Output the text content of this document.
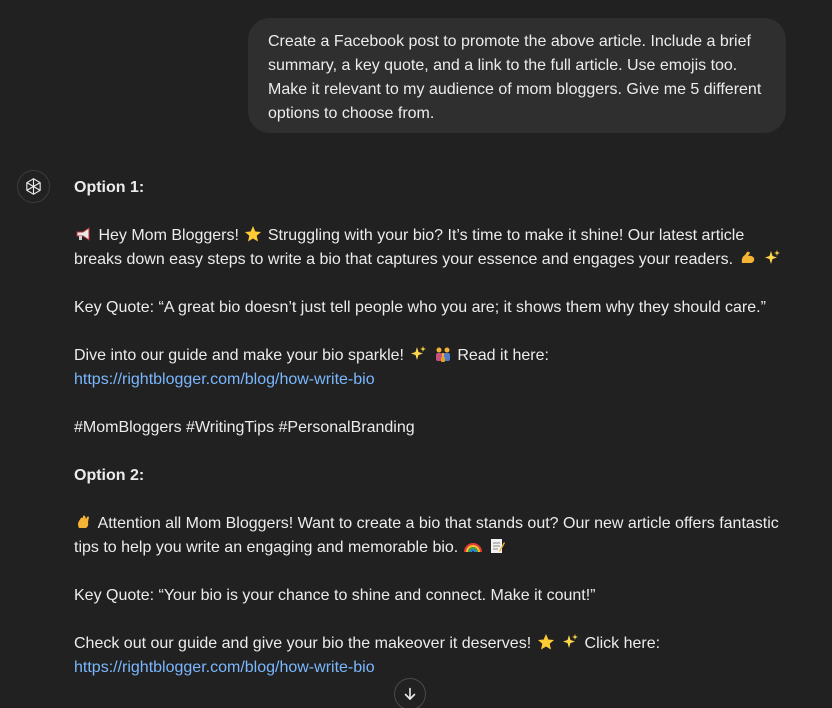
Create a Facebook post to promote the above article. Include a brief
summary, a key quote, and a link to the full article. Use emojis too.
Make it relevant to my audience of mom bloggers. Give me 5 different
options to choose from.
Option 1:
Hey Mom Bloggers! Struggling with your bio? It’s time to make it shine! Our latest article
breaks down easy steps to write a bio that captures your essence and engages your readers.
Key Quote: “A great bio doesn’t just tell people who you are; it shows them why they should care.”
Dive into our guide and make your bio sparkle!	Read it here:
https://rightblogger.com/blog/how-write-bio
#MomBloggers #WritingTips #PersonalBranding
Option 2:
Attention all Mom Bloggers! Want to create a bio that stands out? Our new article offers fantastic
tips to help you write an engaging and memorable bio.
Key Quote: “Your bio is your chance to shine and connect. Make it count!”
Check out our guide and give your bio the makeover it deserves!	Click here:
https://rightblogger.com/blog/how-write-bio
